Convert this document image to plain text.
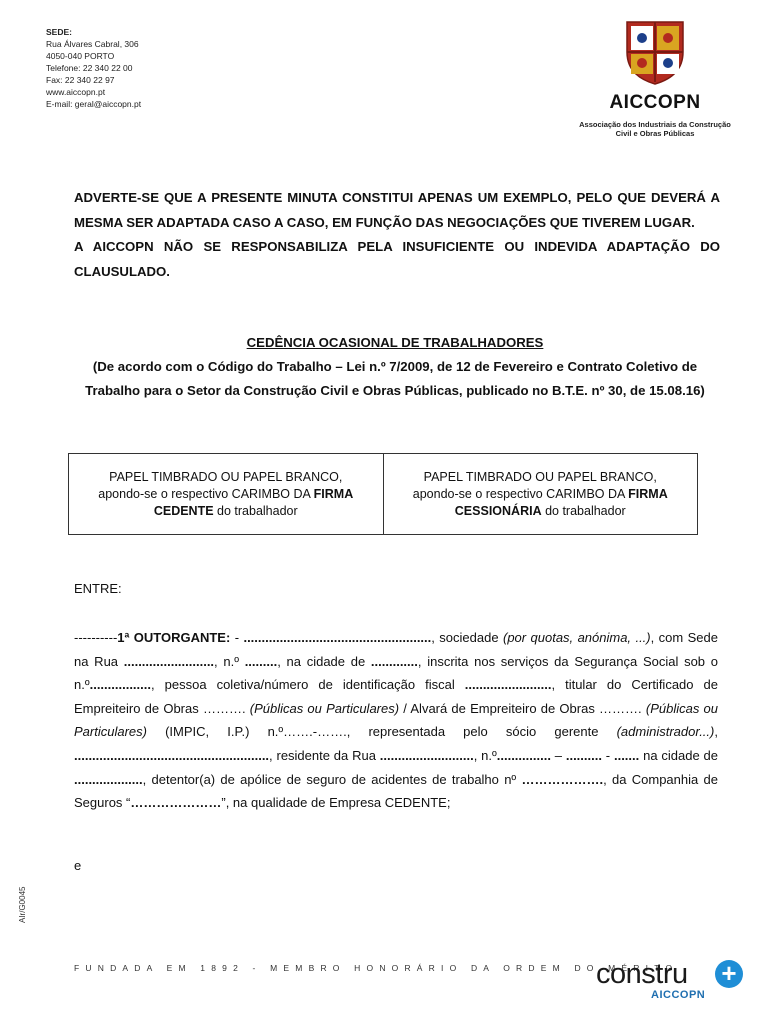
SEDE:
Rua Álvares Cabral, 306
4050-040 PORTO
Telefone: 22 340 22 00
Fax: 22 340 22 97
www.aiccopn.pt
E-mail: geral@aiccopn.pt	AICCOPN
Associação dos Industriais da Construção
Civil e Obras Públicas

ADVERTE-SE QUE A PRESENTE MINUTA CONSTITUI APENAS UM EXEMPLO, PELO QUE DEVERÁ A MESMA SER ADAPTADA CASO A CASO, EM FUNÇÃO DAS NEGOCIAÇÕES QUE TIVEREM LUGAR.

A AICCOPN NÃO SE RESPONSABILIZA PELA INSUFICIENTE OU INDEVIDA ADAPTAÇÃO DO CLAUSULADO.

CEDÊNCIA OCASIONAL DE TRABALHADORES

(De acordo com o Código do Trabalho – Lei n.º 7/2009, de 12 de Fevereiro e Contrato Coletivo de Trabalho para o Setor da Construção Civil e Obras Públicas, publicado no B.T.E. nº 30, de 15.08.16)

PAPEL TIMBRADO OU PAPEL BRANCO,
apondo-se o respectivo CARIMBO DA FIRMA
CEDENTE do trabalhador
PAPEL TIMBRADO OU PAPEL BRANCO,
apondo-se o respectivo CARIMBO DA FIRMA
CESSIONÁRIA do trabalhador
ENTRE:

----------1ª OUTORGANTE: - ...................................................., sociedade (por quotas, anónima, ...), com Sede na Rua ........................., n.º ........., na cidade de ............., inscrita nos serviços da Segurança Social sob o n.º................., pessoa coletiva/número de identificação fiscal ........................, titular do Certificado de Empreiteiro de Obras ………. (Públicas ou Particulares) / Alvará de Empreiteiro de Obras ………. (Públicas ou Particulares) (IMPIC, I.P.) n.º…….-……., representada pelo sócio gerente (administrador...), ......................................................, residente da Rua .........................., n.º............... – .......... - ....... na cidade de ..................., detentor(a) de apólice de seguro de acidentes de trabalho nº ………………., da Companhia de Seguros “…………………”, na qualidade de Empresa CEDENTE;

e
AIr/G0045
FUNDADA EM 1892 - MEMBRO HONORÁRIO DA ORDEM DO MÉRITO
constru +
AICCOPN
